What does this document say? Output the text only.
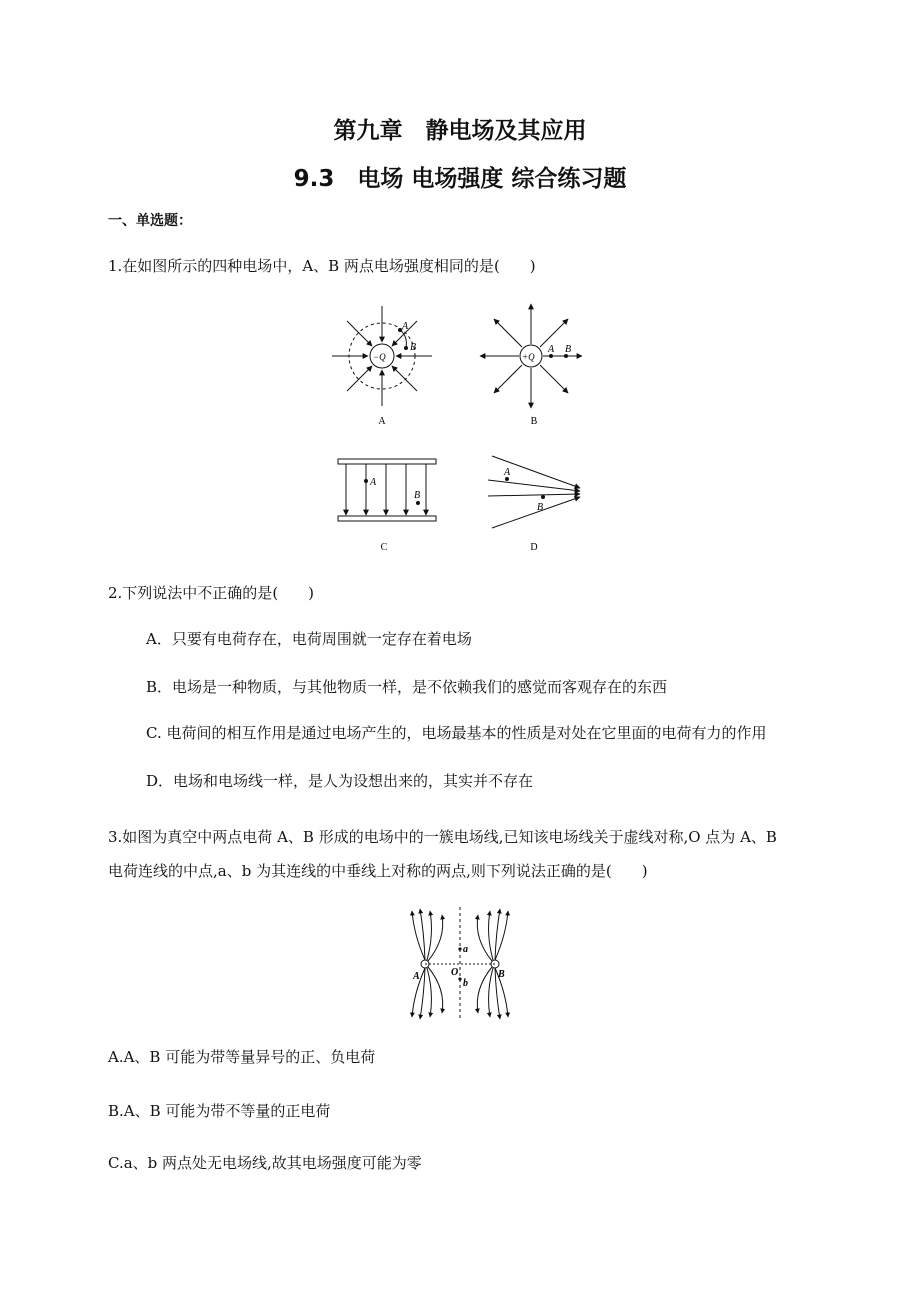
第九章　静电场及其应用
9.3　电场 电场强度 综合练习题
一、单选题：
1.在如图所示的四种电场中，A、B 两点电场强度相同的是(　　)
A
B
−Q
A
A B
+Q
B
A
B
C
A
B
D
2.下列说法中不正确的是(　　)
A．只要有电荷存在，电荷周围就一定存在着电场
B．电场是一种物质，与其他物质一样，是不依赖我们的感觉而客观存在的东西
C. 电荷间的相互作用是通过电场产生的，电场最基本的性质是对处在它里面的电荷有力的作用
D．电场和电场线一样，是人为设想出来的，其实并不存在
3.如图为真空中两点电荷 A、B 形成的电场中的一簇电场线,已知该电场线关于虚线对称,O 点为 A、B
电荷连线的中点,a、b 为其连线的中垂线上对称的两点,则下列说法正确的是(　　)
a
b
O
A	B
A.A、B 可能为带等量异号的正、负电荷
B.A、B 可能为带不等量的正电荷
C.a、b 两点处无电场线,故其电场强度可能为零
